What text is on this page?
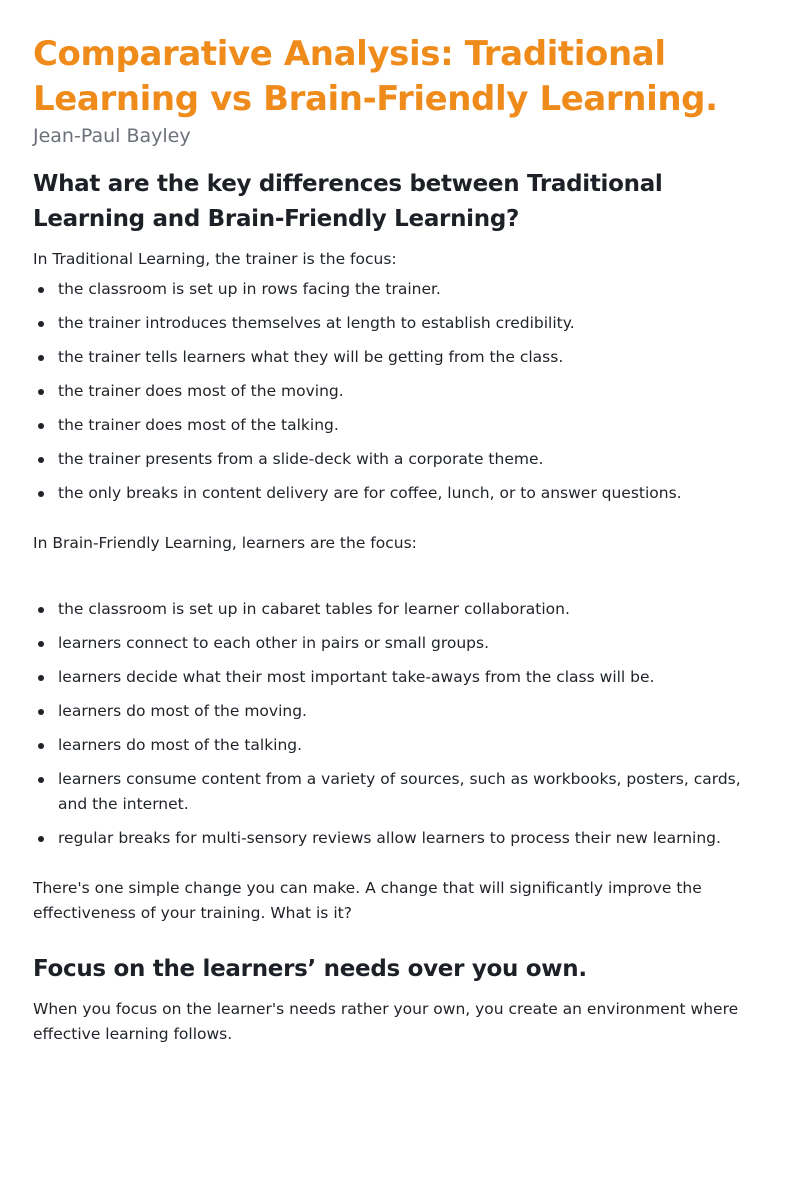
Comparative Analysis: Traditional Learning vs Brain-Friendly Learning.
Jean-Paul Bayley
What are the key differences between Traditional Learning and Brain-Friendly Learning?

In Traditional Learning, the trainer is the focus:

the classroom is set up in rows facing the trainer.
the trainer introduces themselves at length to establish credibility.
the trainer tells learners what they will be getting from the class.
the trainer does most of the moving.
the trainer does most of the talking.
the trainer presents from a slide-deck with a corporate theme.
the only breaks in content delivery are for coffee, lunch, or to answer questions.

In Brain-Friendly Learning, learners are the focus:

the classroom is set up in cabaret tables for learner collaboration.
learners connect to each other in pairs or small groups.
learners decide what their most important take-aways from the class will be.
learners do most of the moving.
learners do most of the talking.
learners consume content from a variety of sources, such as workbooks, posters, cards, and the internet.
regular breaks for multi-sensory reviews allow learners to process their new learning.

There's one simple change you can make. A change that will significantly improve the effectiveness of your training. What is it?

Focus on the learners’ needs over you own.

When you focus on the learner's needs rather your own, you create an environment where effective learning follows.
